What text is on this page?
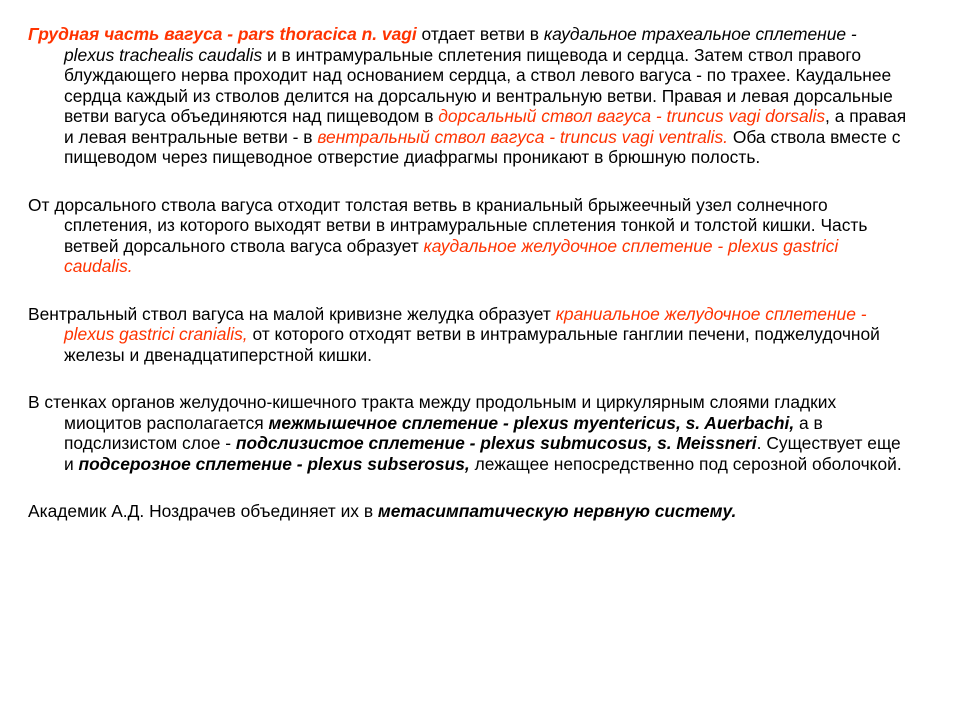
Грудная часть вагуса - pars thoracica n. vagi отдает ветви в каудальное трахеальное сплетение - plexus trachealis caudalis и в интрамуральные сплетения пищевода и сердца. Затем ствол правого блуждающего нерва проходит над основанием сердца, а ствол левого вагуса - по трахее. Каудальнее сердца каждый из стволов делится на дорсальную и вентральную ветви. Правая и левая дорсальные ветви вагуса объединяются над пищеводом в дорсальный ствол вагуса - truncus vagi dorsalis, а правая и левая вентральные ветви - в вентральный ствол вагуса - truncus vagi ventralis. Оба ствола вместе с пищеводом через пищеводное отверстие диафрагмы проникают в брюшную полость.

От дорсального ствола вагуса отходит толстая ветвь в краниальный брыжеечный узел солнечного сплетения, из которого выходят ветви в интрамуральные сплетения тонкой и толстой кишки. Часть ветвей дорсального ствола вагуса образует каудальное желудочное сплетение - plexus gastrici caudalis.

Вентральный ствол вагуса на малой кривизне желудка образует краниальное желудочное сплетение - plexus gastrici cranialis, от которого отходят ветви в интрамуральные ганглии печени, поджелудочной железы и двенадцатиперстной кишки.

В стенках органов желудочно-кишечного тракта между продольным и циркулярным слоями гладких миоцитов располагается межмышечное сплетение - plexus myentericus, s. Auerbachi, а в подслизистом слое - подслизистое сплетение - plexus submucosus, s. Meissneri. Существует еще и подсерозное сплетение - plexus subserosus, лежащее непосредственно под серозной оболочкой.

Академик А.Д. Ноздрачев объединяет их в метасимпатическую нервную систему.
